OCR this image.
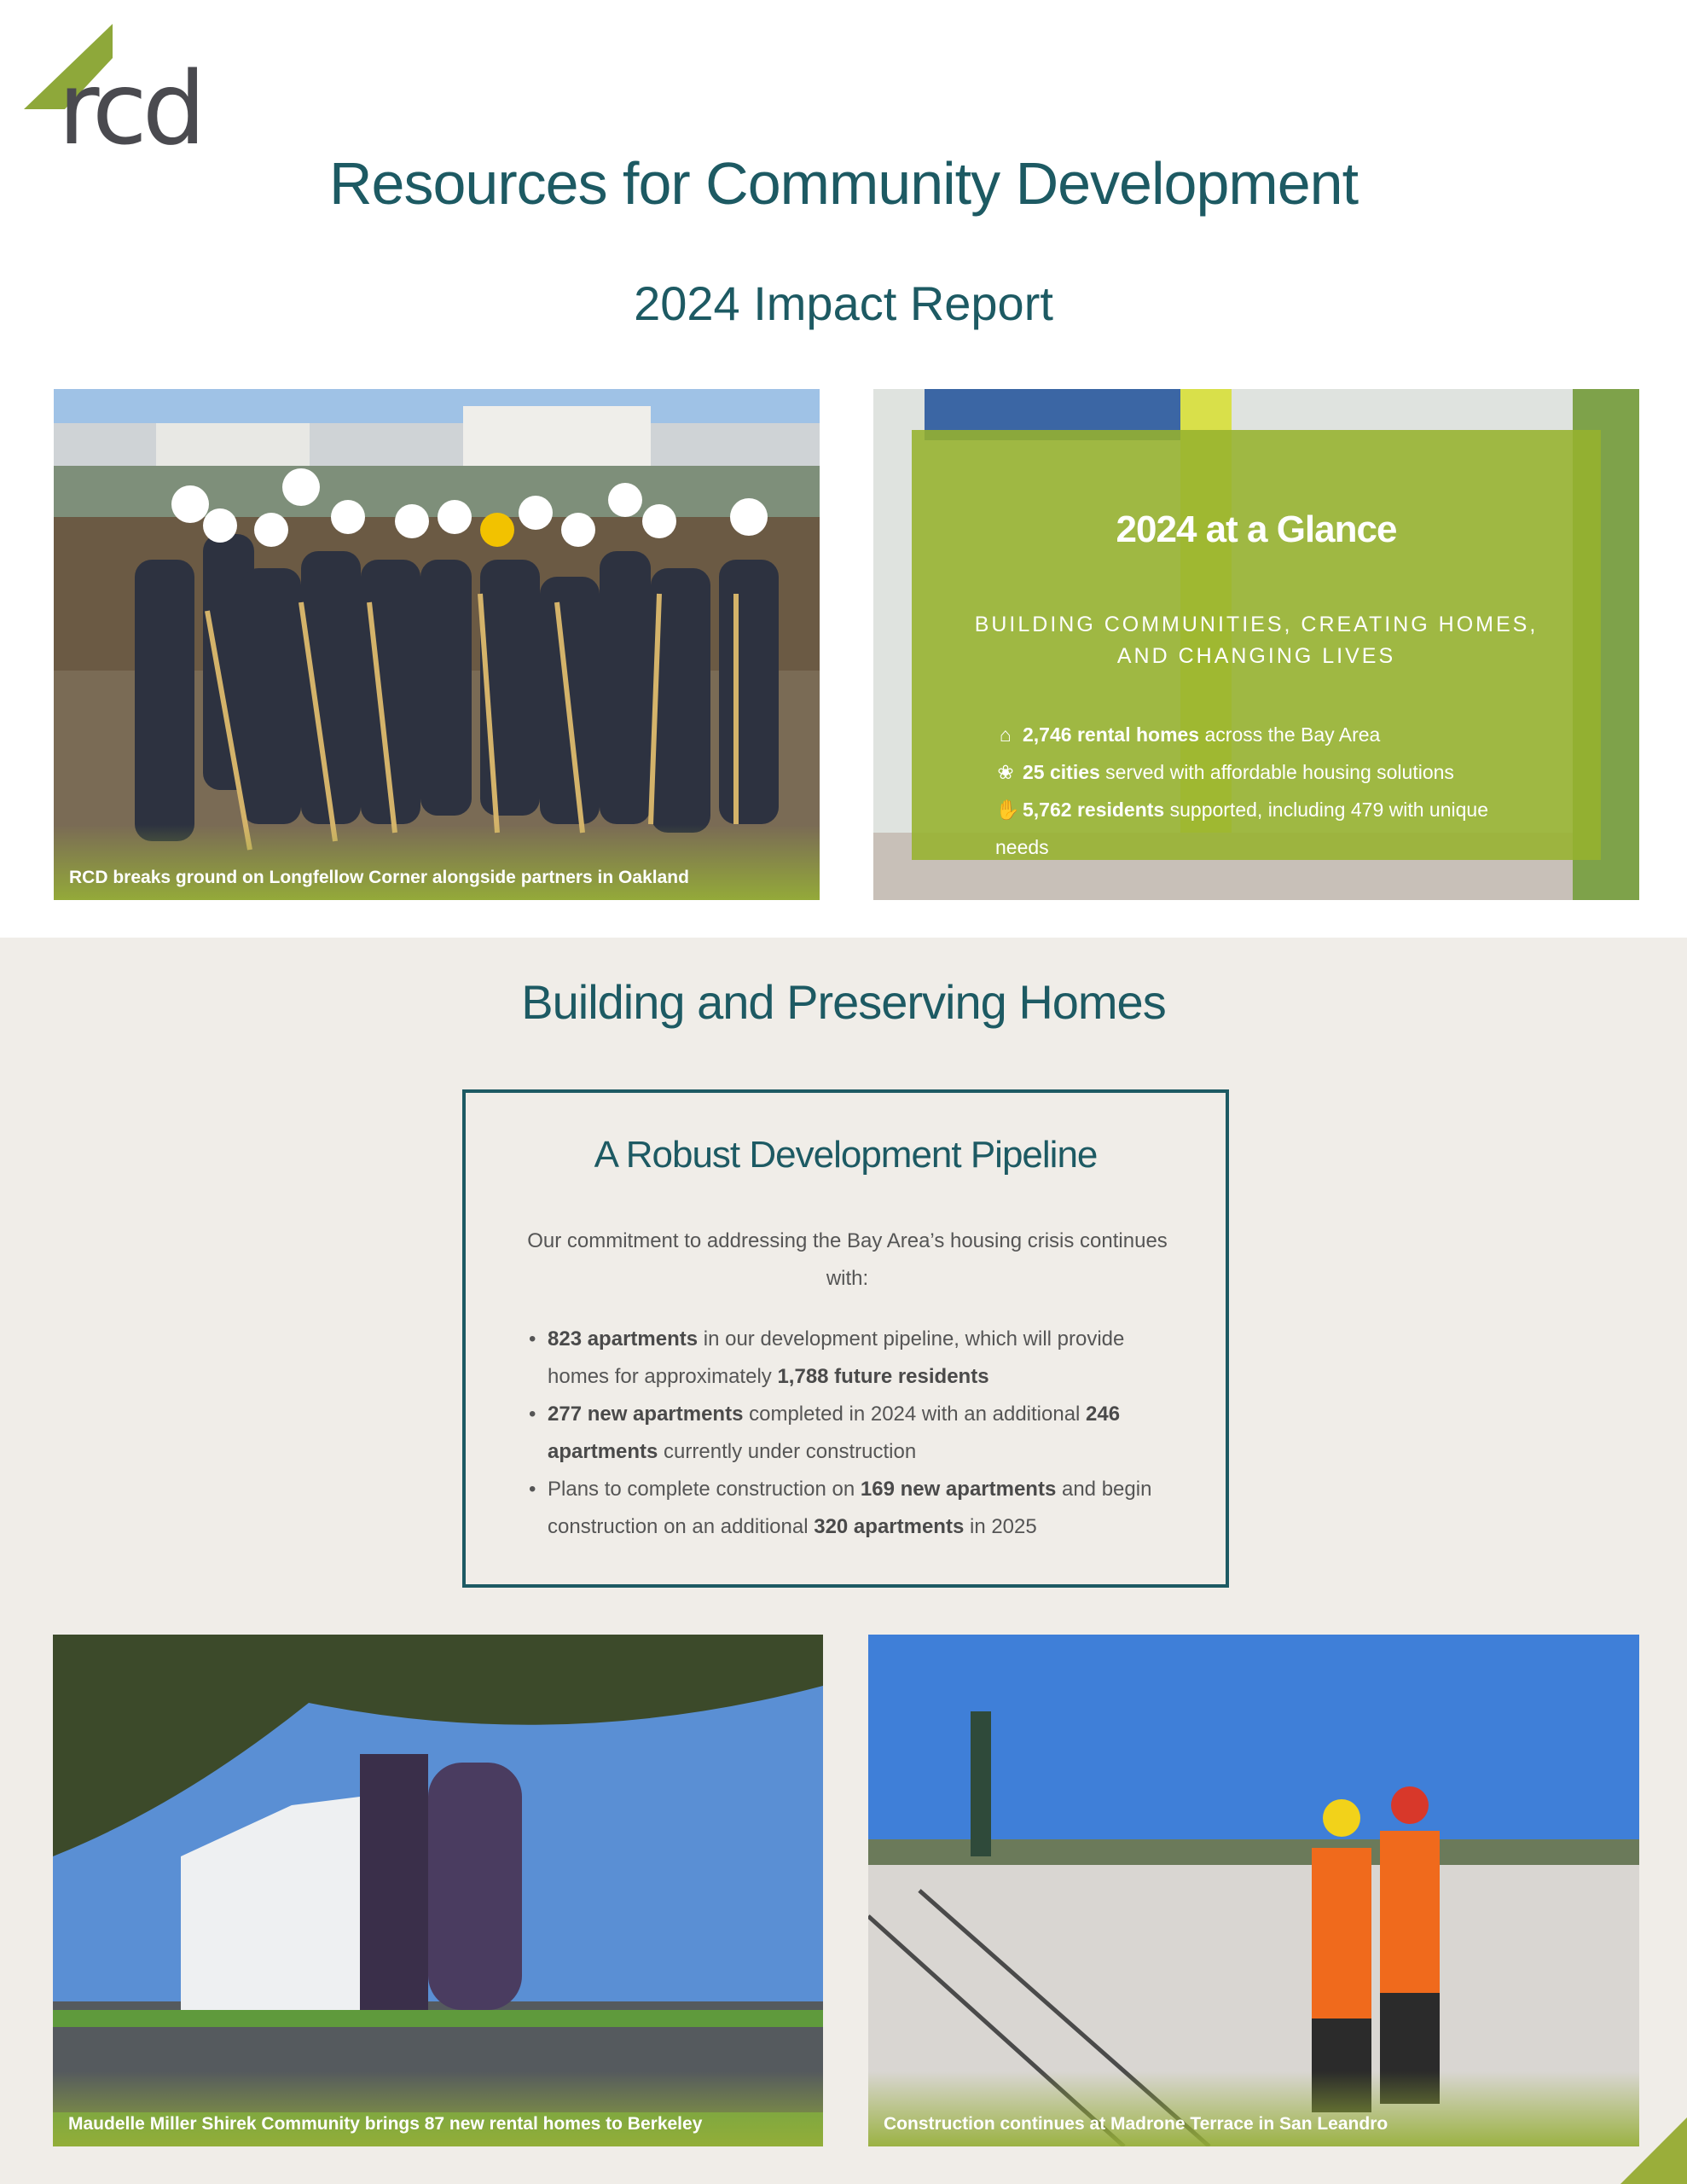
rcd
Resources for Community Development
2024 Impact Report
RCD breaks ground on Longfellow Corner alongside partners in Oakland
2024 at a Glance
BUILDING COMMUNITIES, CREATING HOMES,
AND CHANGING LIVES
⌂ 2,746 rental homes across the Bay Area
❀ 25 cities served with affordable housing solutions
✋ 5,762 residents supported, including 479 with unique
needs
Building and Preserving Homes
A Robust Development Pipeline
Our commitment to addressing the Bay Area’s housing crisis continues with:
• 823 apartments in our development pipeline, which will provide
homes for approximately 1,788 future residents
• 277 new apartments completed in 2024 with an additional 246
apartments currently under construction
• Plans to complete construction on 169 new apartments and begin
construction on an additional 320 apartments in 2025
Maudelle Miller Shirek Community brings 87 new rental homes to Berkeley	Construction continues at Madrone Terrace in San Leandro
